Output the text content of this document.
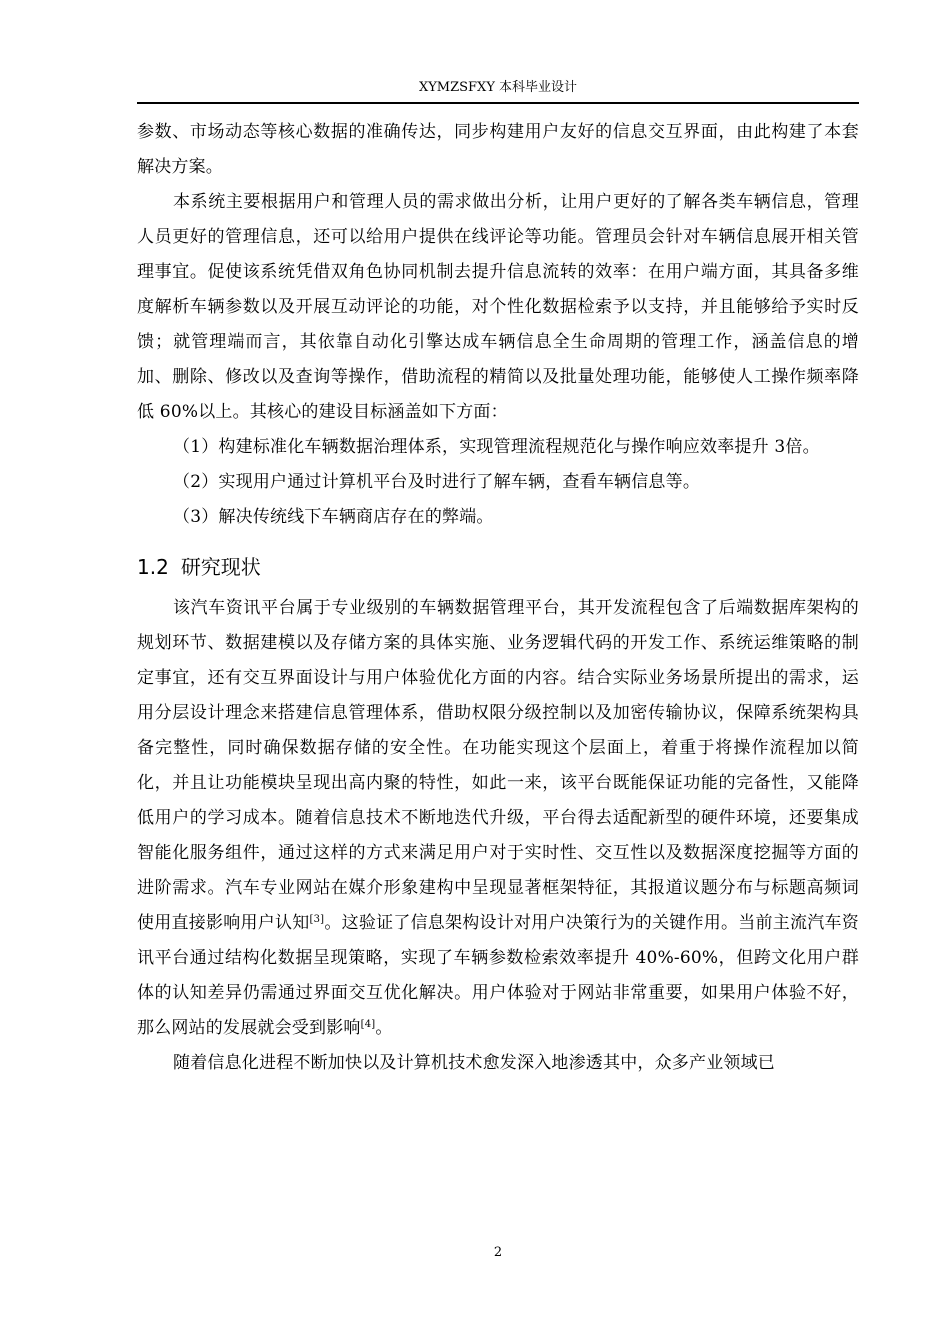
XYMZSFXY 本科毕业设计

参数、市场动态等核心数据的准确传达，同步构建用户友好的信息交互界面，由此构建了本套解决方案。

本系统主要根据用户和管理人员的需求做出分析，让用户更好的了解各类车辆信息，管理人员更好的管理信息，还可以给用户提供在线评论等功能。管理员会针对车辆信息展开相关管理事宜。促使该系统凭借双角色协同机制去提升信息流转的效率：在用户端方面，其具备多维度解析车辆参数以及开展互动评论的功能，对个性化数据检索予以支持，并且能够给予实时反馈；就管理端而言，其依靠自动化引擎达成车辆信息全生命周期的管理工作，涵盖信息的增加、删除、修改以及查询等操作，借助流程的精简以及批量处理功能，能够使人工操作频率降低 60%以上。其核心的建设目标涵盖如下方面：

（1）构建标准化车辆数据治理体系，实现管理流程规范化与操作响应效率提升 3倍。

（2）实现用户通过计算机平台及时进行了解车辆，查看车辆信息等。

（3）解决传统线下车辆商店存在的弊端。

1.2 研究现状

该汽车资讯平台属于专业级别的车辆数据管理平台，其开发流程包含了后端数据库架构的规划环节、数据建模以及存储方案的具体实施、业务逻辑代码的开发工作、系统运维策略的制定事宜，还有交互界面设计与用户体验优化方面的内容。结合实际业务场景所提出的需求，运用分层设计理念来搭建信息管理体系，借助权限分级控制以及加密传输协议，保障系统架构具备完整性，同时确保数据存储的安全性。在功能实现这个层面上，着重于将操作流程加以简化，并且让功能模块呈现出高内聚的特性，如此一来，该平台既能保证功能的完备性，又能降低用户的学习成本。随着信息技术不断地迭代升级，平台得去适配新型的硬件环境，还要集成智能化服务组件，通过这样的方式来满足用户对于实时性、交互性以及数据深度挖掘等方面的进阶需求。汽车专业网站在媒介形象建构中呈现显著框架特征，其报道议题分布与标题高频词使用直接影响用户认知[3]。这验证了信息架构设计对用户决策行为的关键作用。当前主流汽车资讯平台通过结构化数据呈现策略，实现了车辆参数检索效率提升 40%-60%，但跨文化用户群体的认知差异仍需通过界面交互优化解决。用户体验对于网站非常重要，如果用户体验不好，那么网站的发展就会受到影响[4]。

随着信息化进程不断加快以及计算机技术愈发深入地渗透其中，众多产业领域已

2
